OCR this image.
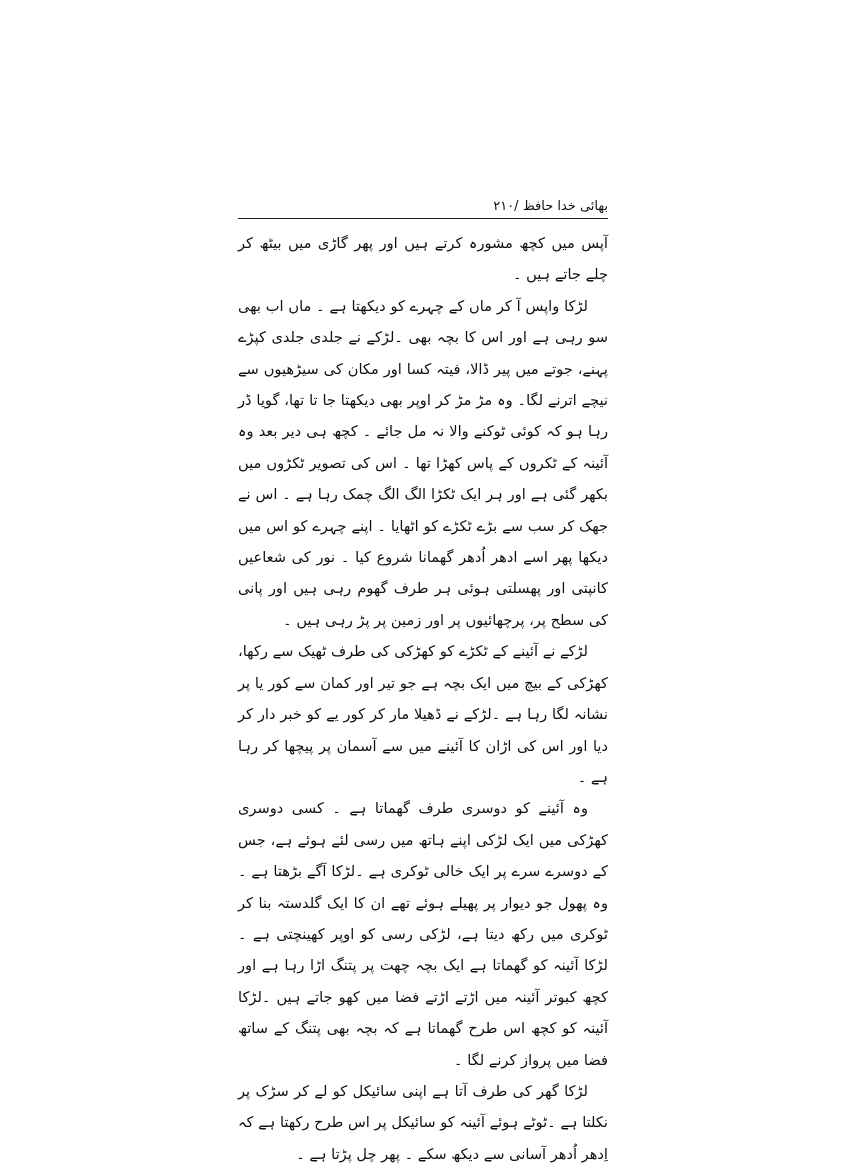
۲۱۰/ بھائی خدا حافظ

آپس میں کچھ مشورہ کرتے ہیں اور پھر گاڑی میں بیٹھ کر چلے جاتے ہیں ۔

لڑکا واپس آ کر ماں کے چہرے کو دیکھتا ہے ۔ ماں اب بھی سو رہی ہے اور اس کا بچہ بھی ۔لڑکے نے جلدی جلدی کپڑے پہنے، جوتے میں پیر ڈالا، فیتہ کسا اور مکان کی سیڑھیوں سے نیچے اترنے لگا۔ وہ مڑ مڑ کر اوپر بھی دیکھتا جا تا تھا، گویا ڈر رہا ہو کہ کوئی ٹوکنے والا نہ مل جائے ۔ کچھ ہی دیر بعد وہ آئینہ کے ٹکروں کے پاس کھڑا تھا ۔ اس کی تصویر ٹکڑوں میں بکھر گئی ہے اور ہر ایک ٹکڑا الگ الگ چمک رہا ہے ۔ اس نے جھک کر سب سے بڑے ٹکڑے کو اٹھایا ۔ اپنے چہرے کو اس میں دیکھا پھر اسے ادھر اُدھر گھمانا شروع کیا ۔ نور کی شعاعیں کانپتی اور پھسلتی ہوئی ہر طرف گھوم رہی ہیں اور پانی کی سطح پر، پرچھائیوں پر اور زمین پر پڑ رہی ہیں ۔

لڑکے نے آئینے کے ٹکڑے کو کھڑکی کی طرف ٹھیک سے رکھا، کھڑکی کے بیچ میں ایک بچہ ہے جو تیر اور کمان سے کور یا پر نشانہ لگا رہا ہے ۔لڑکے نے ڈھیلا مار کر کور یے کو خبر دار کر دیا اور اس کی اڑان کا آئینے میں سے آسمان پر پیچھا کر رہا ہے ۔

وہ آئینے کو دوسری طرف گھماتا ہے ۔ کسی دوسری کھڑکی میں ایک لڑکی اپنے ہاتھ میں رسی لئے ہوئے ہے، جس کے دوسرے سرے پر ایک خالی ٹوکری ہے ۔لڑکا آگے بڑھتا ہے ۔ وہ پھول جو دیوار پر پھیلے ہوئے تھے ان کا ایک گلدستہ بنا کر ٹوکری میں رکھ دیتا ہے، لڑکی رسی کو اوپر کھینچتی ہے ۔لڑکا آئینہ کو گھماتا ہے ایک بچہ چھت پر پتنگ اڑا رہا ہے اور کچھ کبوتر آئینہ میں اڑتے اڑتے فضا میں کھو جاتے ہیں ۔لڑکا آئینہ کو کچھ اس طرح گھماتا ہے کہ بچہ بھی پتنگ کے ساتھ فضا میں پرواز کرنے لگا ۔

لڑکا گھر کی طرف آتا ہے اپنی سائیکل کو لے کر سڑک پر نکلتا ہے ۔ٹوٹے ہوئے آئینہ کو سائیکل پر اس طرح رکھتا ہے کہ اِدھر اُدھر آسانی سے دیکھ سکے ۔ پھر چل پڑتا ہے ۔
